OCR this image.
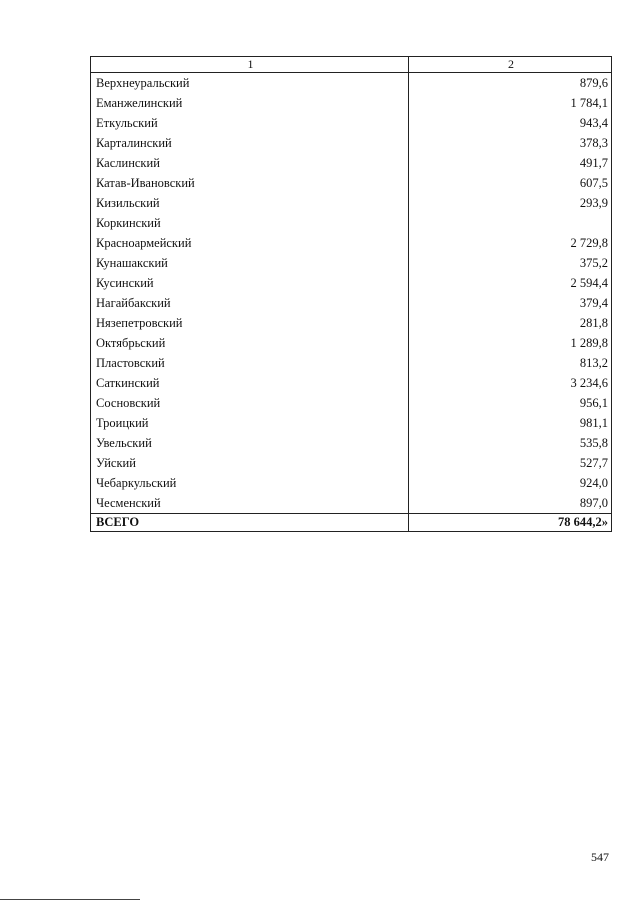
1	2
Верхнеуральский	879,6
Еманжелинский	1 784,1
Еткульский	943,4
Карталинский	378,3
Каслинский	491,7
Катав-Ивановский	607,5
Кизильский	293,9
Коркинский	
Красноармейский	2 729,8
Кунашакский	375,2
Кусинский	2 594,4
Нагайбакский	379,4
Нязепетровский	281,8
Октябрьский	1 289,8
Пластовский	813,2
Саткинский	3 234,6
Сосновский	956,1
Троицкий	981,1
Увельский	535,8
Уйский	527,7
Чебаркульский	924,0
Чесменский	897,0
ВСЕГО	78 644,2»
547
